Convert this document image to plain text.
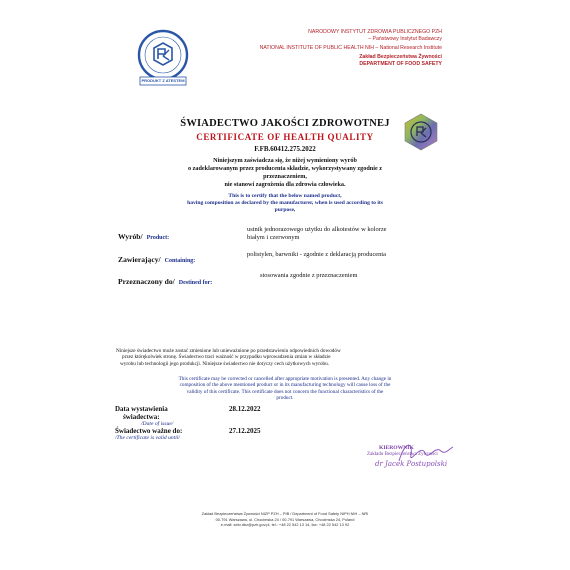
PRODUKT Z ATESTEM
NARODOWY INSTYTUT ZDROWIA PUBLICZNEGO PZH
– Państwowy Instytut Badawczy
NATIONAL INSTITUTE OF PUBLIC HEALTH NIH – National Research Institute
Zakład Bezpieczeństwa Żywności
DEPARTMENT OF FOOD SAFETY
ŚWIADECTWO JAKOŚCI ZDROWOTNEJ
CERTIFICATE OF HEALTH QUALITY
F.FB.60412.275.2022
Niniejszym zaświadcza się, że niżej wymieniony wyrób
o zadeklarowanym przez producenta składzie, wykorzystywany zgodnie z
przeznaczeniem,
nie stanowi zagrożenia dla zdrowia człowieka.
This is to certify that the below named product,
having composition as declared by the manufacturer, when is used according to its
purpose,
Wyrób/ Product:
ustnik jednorazowego użytku do alkotestów w kolorze
białym i czerwonym
Zawierający/ Containing:
polistylen, barwniki - zgodnie z deklaracją producenta
Przeznaczony do/ Destined for:
stosowania zgodnie z przeznaczeniem
Niniejsze świadectwo może zostać zmienione lub unieważnione po przedstawieniu odpowiednich dowodów
przez którękolwiek stronę. Świadectwo traci ważność w przypadku wprowadzenia zmian w składzie
wyrobu lub technologii jego produkcji. Niniejsze świadectwo nie dotyczy cech użytkowych wyrobu.
This certificate may be corrected or cancelled after appropriate motivation is presented. Any change in
composition of the above mentioned product or in its manufacturing technology will cause loss of the
validity of this certificate. This certificate does not concern the functional characteristics of the
product.
Data wystawienia
świadectwa:
/Date of issue/
28.12.2022
Świadectwo ważne do:
/The certificate is valid until/
27.12.2025
KIEROWNIK
Zakładu Bezpieczeństwa Żywności
dr Jacek Postupolski
Zakład Bezpieczeństwa Żywności NIZP PZH – PIB / Department of Food Safety NIPH NIH – NRI
00-791 Warszawa, ul. Chocimska 24 / 00-791 Warszawa, Chocimska 24, Poland
e-mail: sekr.dbz@pzh.gov.pl, tel.: +48 22 542 13 14, fax: +48 22 542 13 92
